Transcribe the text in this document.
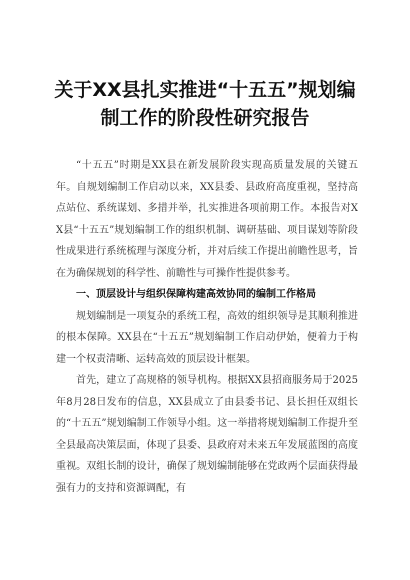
关于XX县扎实推进“十五五”规划编
制工作的阶段性研究报告

“十五五”时期是XX县在新发展阶段实现高质量发展的关键五年。自规划编制工作启动以来，XX县委、县政府高度重视，坚持高点站位、系统谋划、多措并举，扎实推进各项前期工作。本报告对XX县“十五五”规划编制工作的组织机制、调研基础、项目谋划等阶段性成果进行系统梳理与深度分析，并对后续工作提出前瞻性思考，旨在为确保规划的科学性、前瞻性与可操作性提供参考。

一、顶层设计与组织保障构建高效协同的编制工作格局

规划编制是一项复杂的系统工程，高效的组织领导是其顺利推进的根本保障。XX县在“十五五”规划编制工作启动伊始，便着力于构建一个权责清晰、运转高效的顶层设计框架。

首先，建立了高规格的领导机构。根据XX县招商服务局于2025年8月28日发布的信息，XX县成立了由县委书记、县长担任双组长的“十五五”规划编制工作领导小组。这一举措将规划编制工作提升至全县最高决策层面，体现了县委、县政府对未来五年发展蓝图的高度重视。双组长制的设计，确保了规划编制能够在党政两个层面获得最强有力的支持和资源调配，有
